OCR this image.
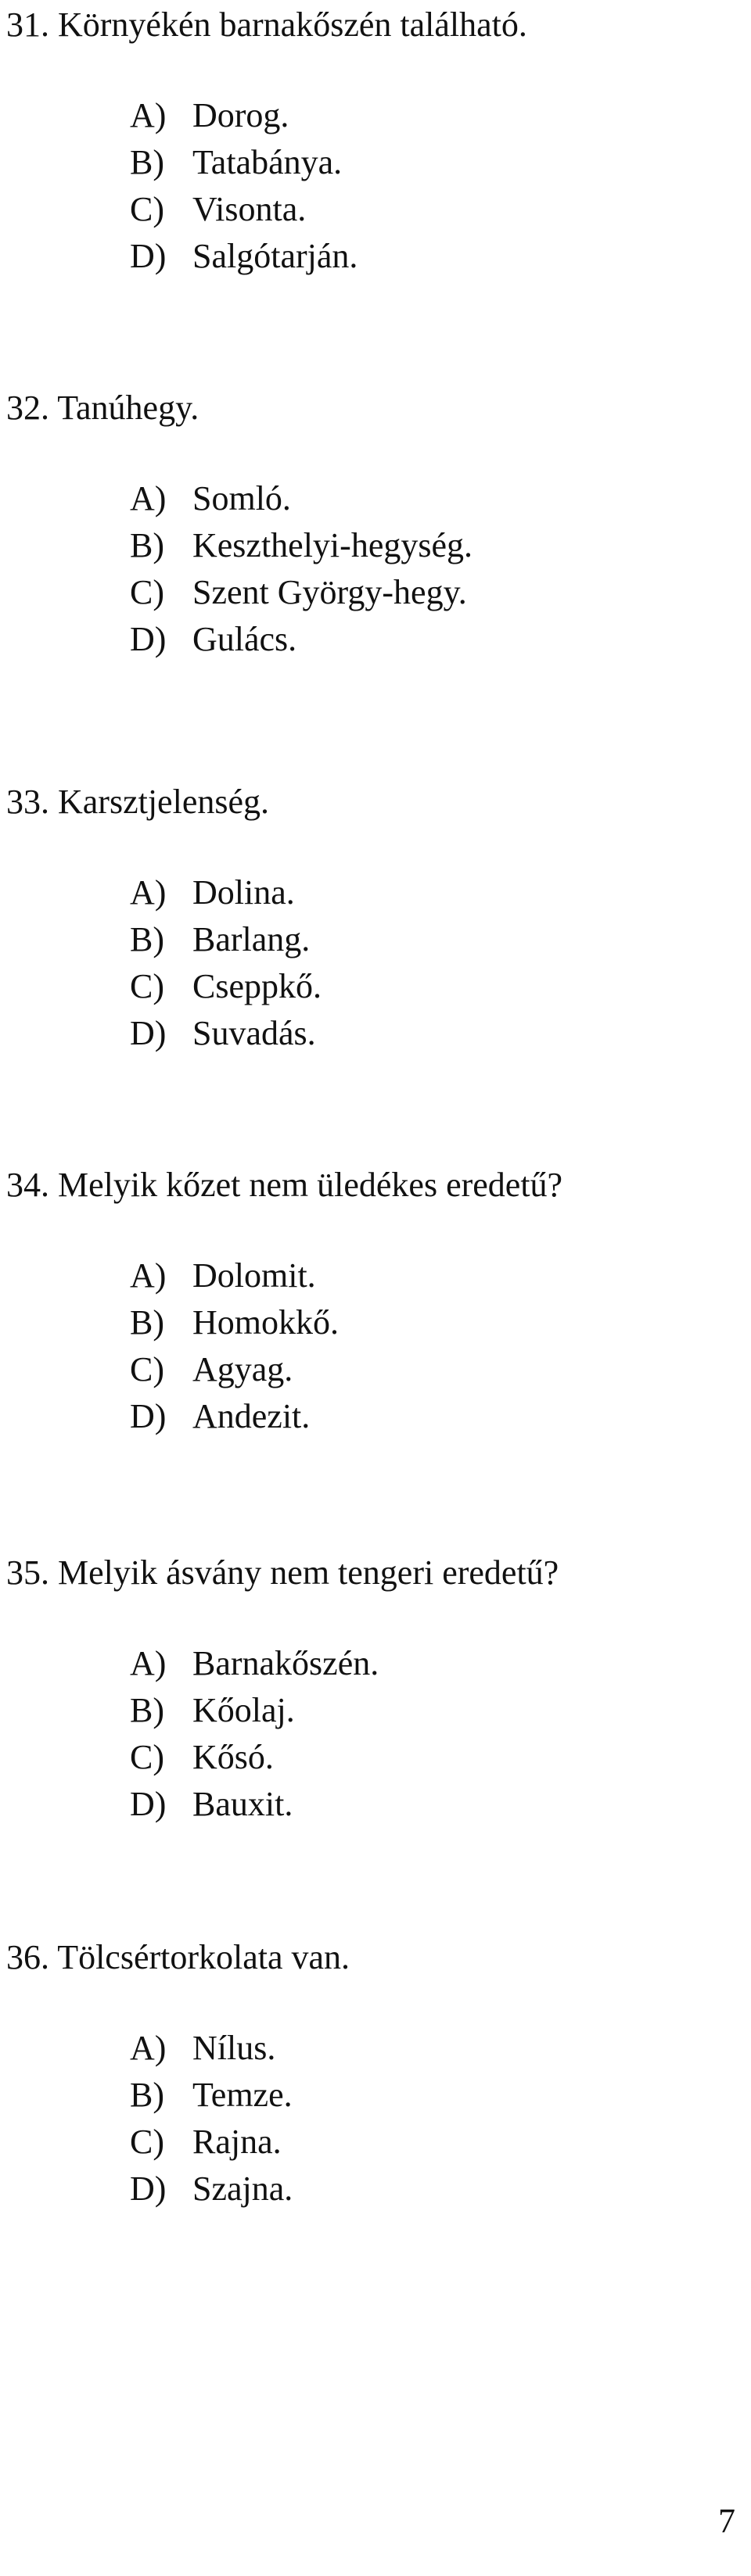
31. Környékén barnakőszén található.

A) Dorog.
B) Tatabánya.
C) Visonta.
D) Salgótarján.

32. Tanúhegy.

A) Somló.
B) Keszthelyi-hegység.
C) Szent György-hegy.
D) Gulács.

33. Karsztjelenség.

A) Dolina.
B) Barlang.
C) Cseppkő.
D) Suvadás.

34. Melyik kőzet nem üledékes eredetű?

A) Dolomit.
B) Homokkő.
C) Agyag.
D) Andezit.

35. Melyik ásvány nem tengeri eredetű?

A) Barnakőszén.
B) Kőolaj.
C) Kősó.
D) Bauxit.

36. Tölcsértorkolata van.

A) Nílus.
B) Temze.
C) Rajna.
D) Szajna.
7
